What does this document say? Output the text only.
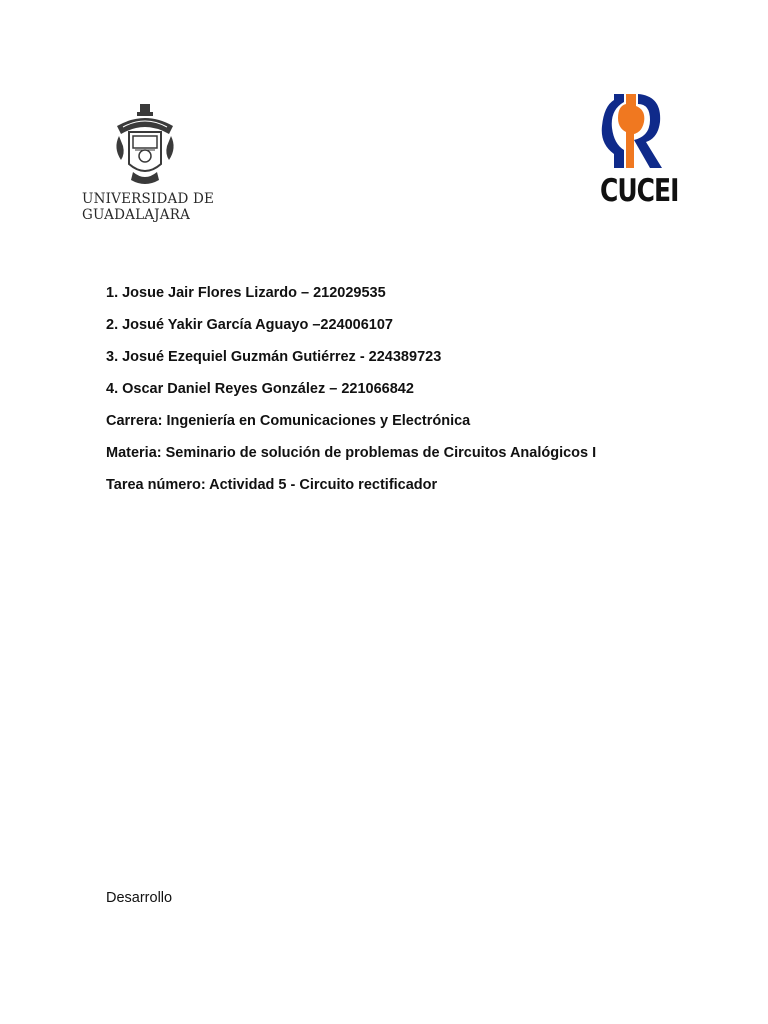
UNIVERSIDAD DE
GUADALAJARA
CUCEI
1. Josue Jair Flores Lizardo – 212029535
2. Josué Yakir García Aguayo –224006107
3. Josué Ezequiel Guzmán Gutiérrez - 224389723
4. Oscar Daniel Reyes González – 221066842
Carrera: Ingeniería en Comunicaciones y Electrónica
Materia: Seminario de solución de problemas de Circuitos Analógicos I
Tarea número: Actividad 5 - Circuito rectificador
Desarrollo
